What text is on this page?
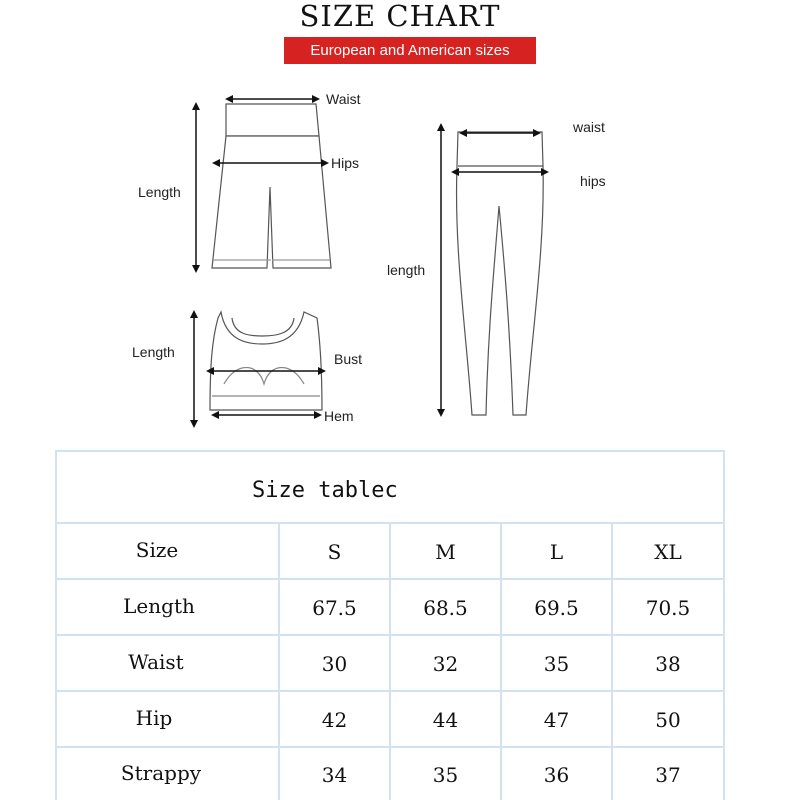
SIZE CHART
European and American sizes
Waist
Hips
Length
Length	Bust
Hem
waist
hips
length
Size tablec
Size	S	M	L	XL
Length	67.5	68.5	69.5	70.5
Waist	30	32	35	38
Hip	42	44	47	50
Strappy	34	35	36	37
